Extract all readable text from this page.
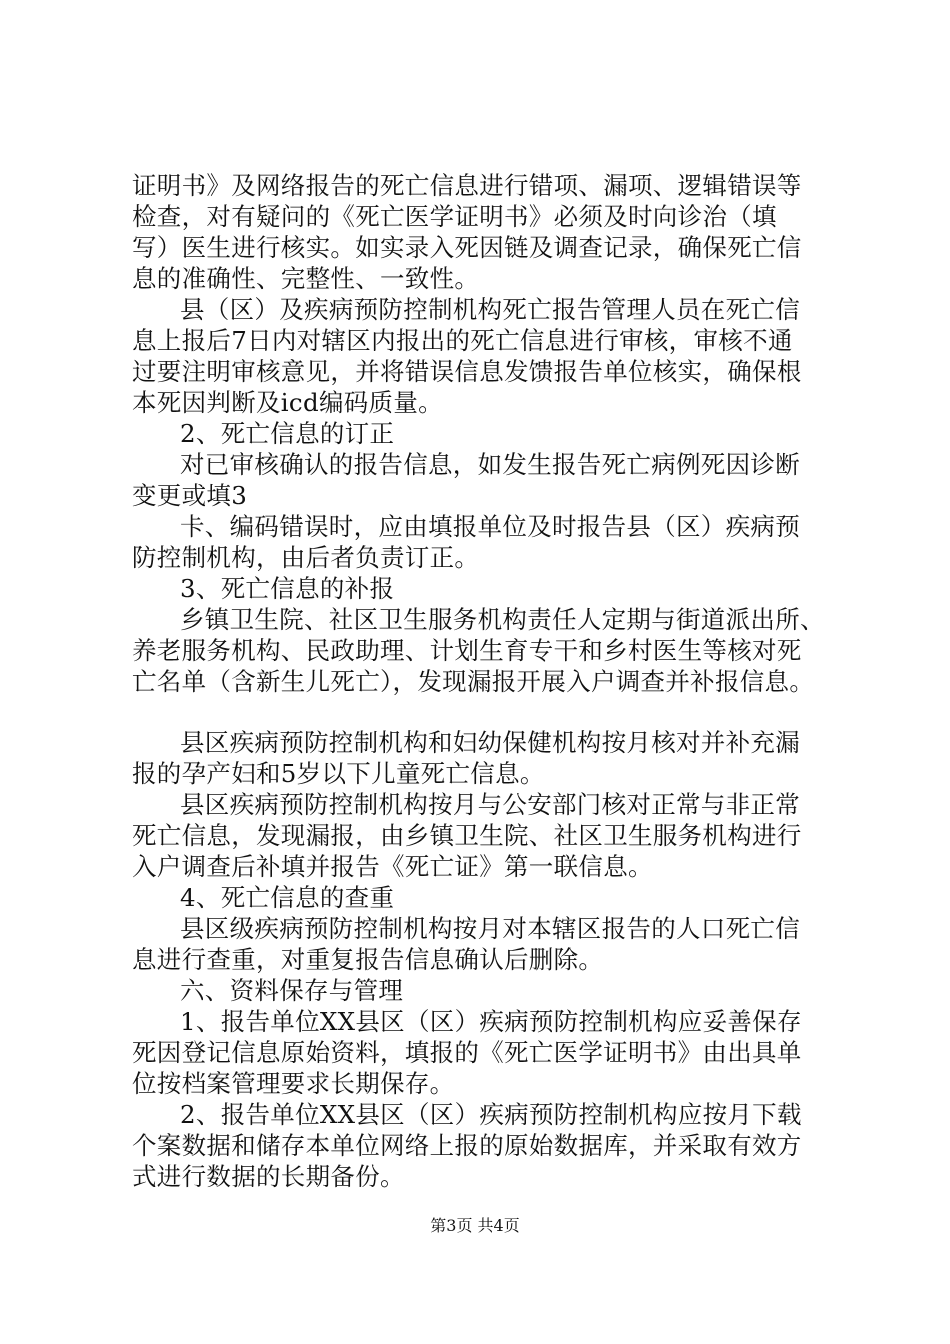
证明书》及网络报告的死亡信息进行错项、漏项、逻辑错误等
检查，对有疑问的《死亡医学证明书》必须及时向诊治（填
写）医生进行核实。如实录入死因链及调查记录，确保死亡信
息的准确性、完整性、一致性。
县（区）及疾病预防控制机构死亡报告管理人员在死亡信
息上报后7日内对辖区内报出的死亡信息进行审核，审核不通
过要注明审核意见，并将错误信息发馈报告单位核实，确保根
本死因判断及icd编码质量。
2、死亡信息的订正
对已审核确认的报告信息，如发生报告死亡病例死因诊断
变更或填3
卡、编码错误时，应由填报单位及时报告县（区）疾病预
防控制机构，由后者负责订正。
3、死亡信息的补报
乡镇卫生院、社区卫生服务机构责任人定期与街道派出所、
养老服务机构、民政助理、计划生育专干和乡村医生等核对死
亡名单（含新生儿死亡），发现漏报开展入户调查并补报信息。
县区疾病预防控制机构和妇幼保健机构按月核对并补充漏
报的孕产妇和5岁以下儿童死亡信息。
县区疾病预防控制机构按月与公安部门核对正常与非正常
死亡信息，发现漏报，由乡镇卫生院、社区卫生服务机构进行
入户调查后补填并报告《死亡证》第一联信息。
4、死亡信息的查重
县区级疾病预防控制机构按月对本辖区报告的人口死亡信
息进行查重，对重复报告信息确认后删除。
六、资料保存与管理
1、报告单位XX县区（区）疾病预防控制机构应妥善保存
死因登记信息原始资料，填报的《死亡医学证明书》由出具单
位按档案管理要求长期保存。
2、报告单位XX县区（区）疾病预防控制机构应按月下载
个案数据和储存本单位网络上报的原始数据库，并采取有效方
式进行数据的长期备份。
第3页 共4页
